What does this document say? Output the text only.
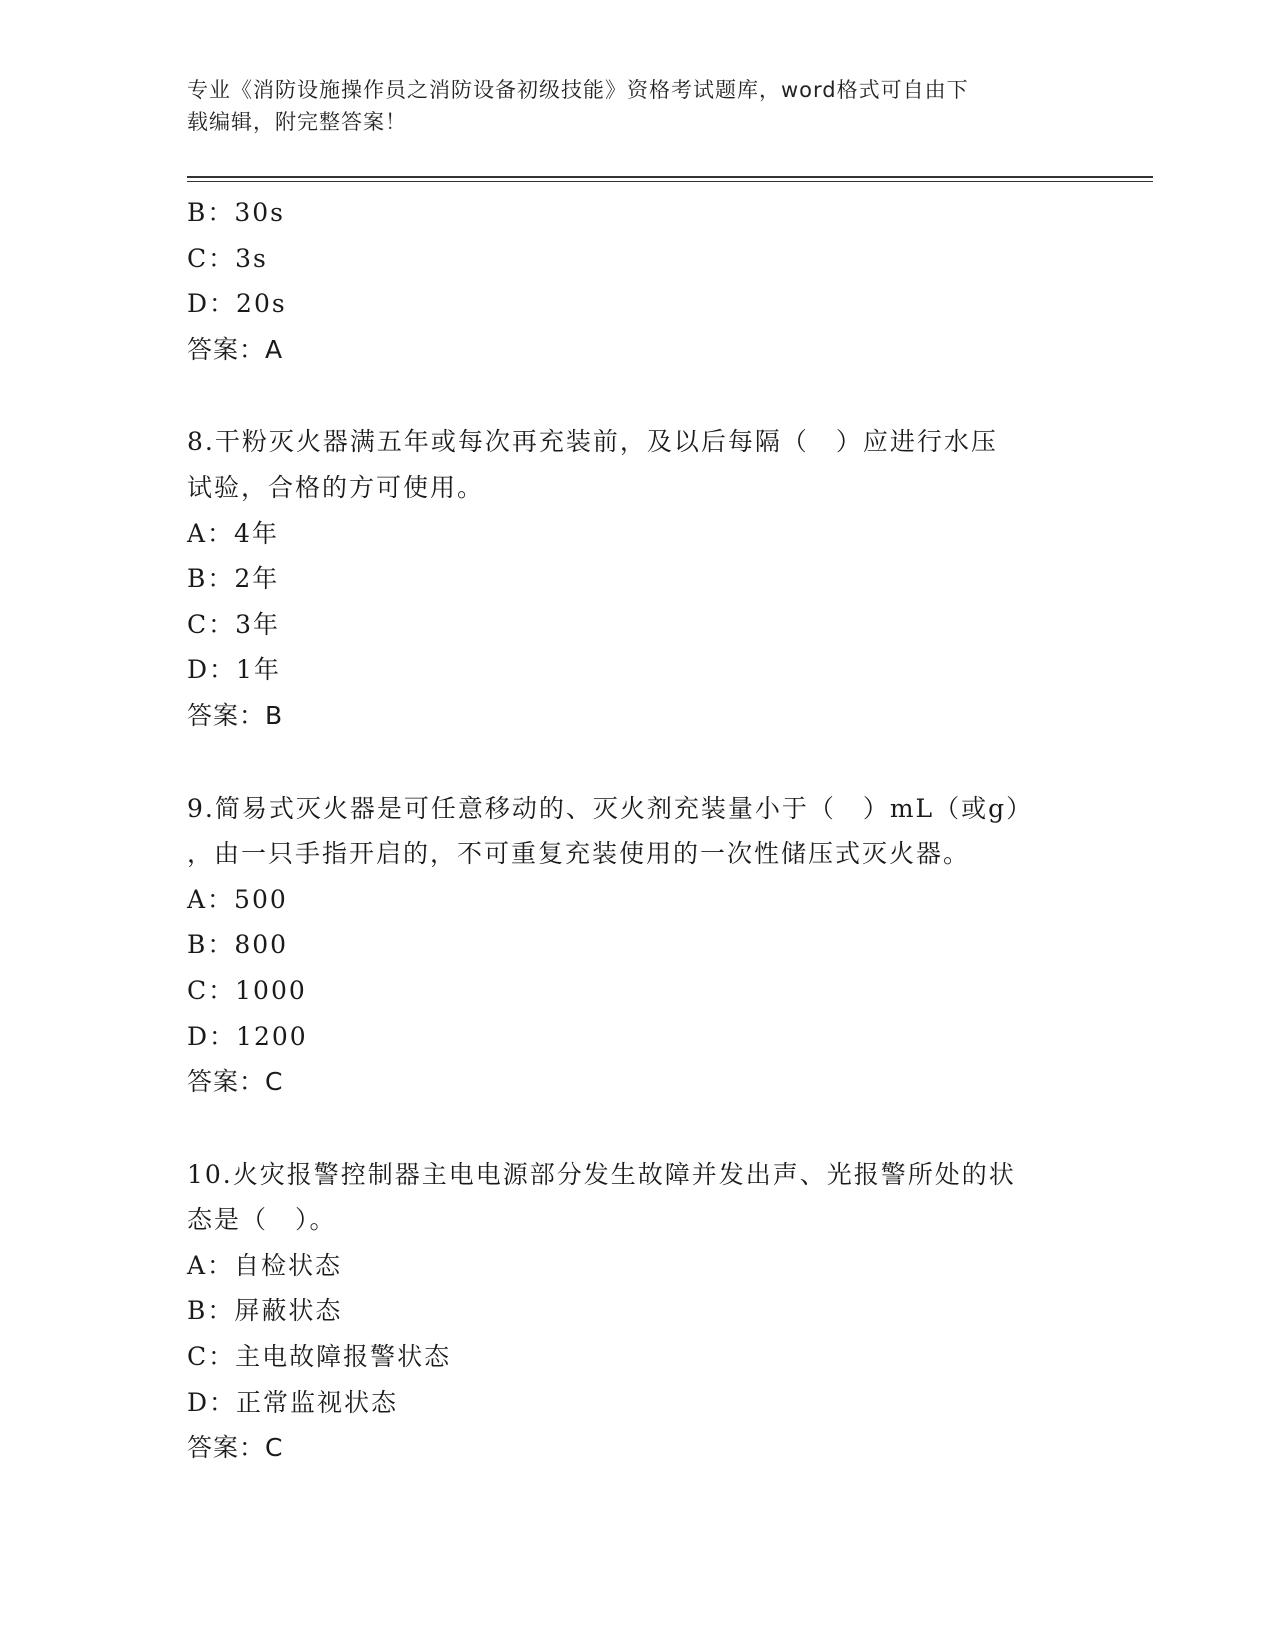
专业《消防设施操作员之消防设备初级技能》资格考试题库，word格式可自由下
载编辑，附完整答案！
B：30s
C：3s
D：20s
答案：A
8.干粉灭火器满五年或每次再充装前，及以后每隔（　）应进行水压
试验，合格的方可使用。
A：4年
B：2年
C：3年
D：1年
答案：B
9.简易式灭火器是可任意移动的、灭火剂充装量小于（　）mL（或g）
，由一只手指开启的，不可重复充装使用的一次性储压式灭火器。
A：500
B：800
C：1000
D：1200
答案：C
10.火灾报警控制器主电电源部分发生故障并发出声、光报警所处的状
态是（　）。
A：自检状态
B：屏蔽状态
C：主电故障报警状态
D：正常监视状态
答案：C
